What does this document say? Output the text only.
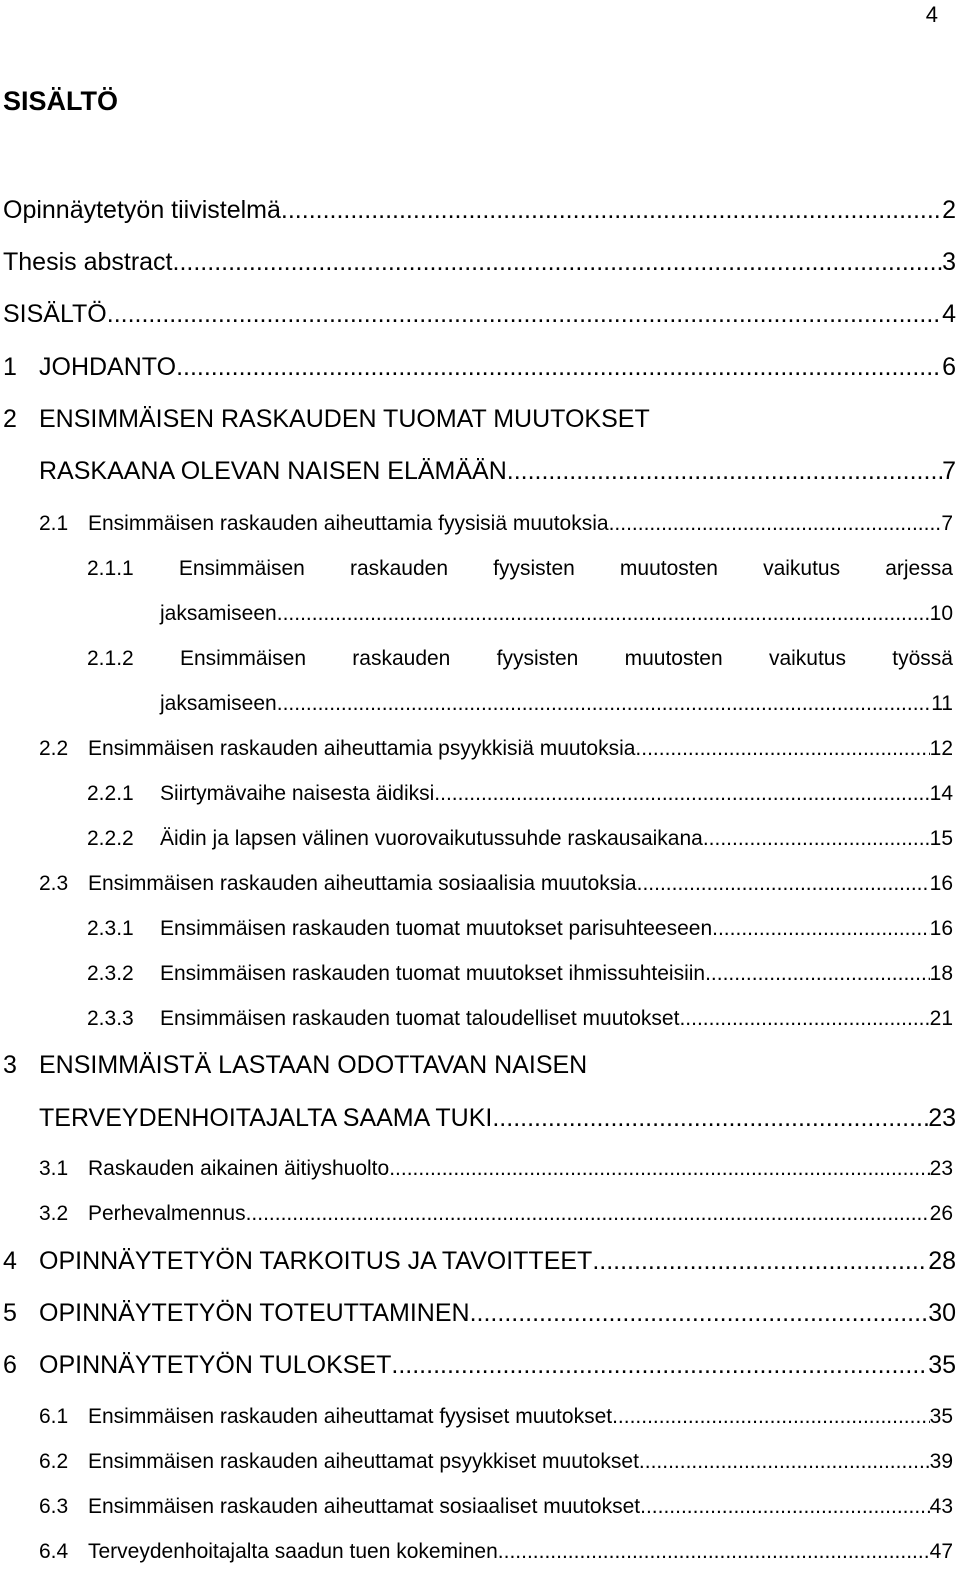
4
SISÄLTÖ
Opinnäytetyön tiivistelmä .....	2
Thesis abstract .....	3
SISÄLTÖ .....	4
1 JOHDANTO .....	6
2 ENSIMMÄISEN RASKAUDEN TUOMAT MUUTOKSET
RASKAANA OLEVAN NAISEN ELÄMÄÄN .....	7
2.1 Ensimmäisen raskauden aiheuttamia fyysisiä muutoksia .....	7
2.1.1 Ensimmäisen raskauden fyysisten muutosten vaikutus arjessa
jaksamiseen .....	10
2.1.2 Ensimmäisen raskauden fyysisten muutosten vaikutus työssä
jaksamiseen .....	11
2.2 Ensimmäisen raskauden aiheuttamia psyykkisiä muutoksia .....	12
2.2.1	Siirtymävaihe naisesta äidiksi .....	14
2.2.2	Äidin ja lapsen välinen vuorovaikutussuhde raskausaikana .....	15
2.3 Ensimmäisen raskauden aiheuttamia sosiaalisia muutoksia .....	16
2.3.1	Ensimmäisen raskauden tuomat muutokset parisuhteeseen .....	16
2.3.2	Ensimmäisen raskauden tuomat muutokset ihmissuhteisiin .....	18
2.3.3	Ensimmäisen raskauden tuomat taloudelliset muutokset .....	21
3 ENSIMMÄISTÄ LASTAAN ODOTTAVAN NAISEN
TERVEYDENHOITAJALTA SAAMA TUKI .....	23
3.1 Raskauden aikainen äitiyshuolto .....	23
3.2 Perhevalmennus .....	26
4 OPINNÄYTETYÖN TARKOITUS JA TAVOITTEET .....	28
5 OPINNÄYTETYÖN TOTEUTTAMINEN .....	30
6 OPINNÄYTETYÖN TULOKSET .....	35
6.1 Ensimmäisen raskauden aiheuttamat fyysiset muutokset .....	35
6.2 Ensimmäisen raskauden aiheuttamat psyykkiset muutokset .....	39
6.3 Ensimmäisen raskauden aiheuttamat sosiaaliset muutokset .....	43
6.4 Terveydenhoitajalta saadun tuen kokeminen .....	47
